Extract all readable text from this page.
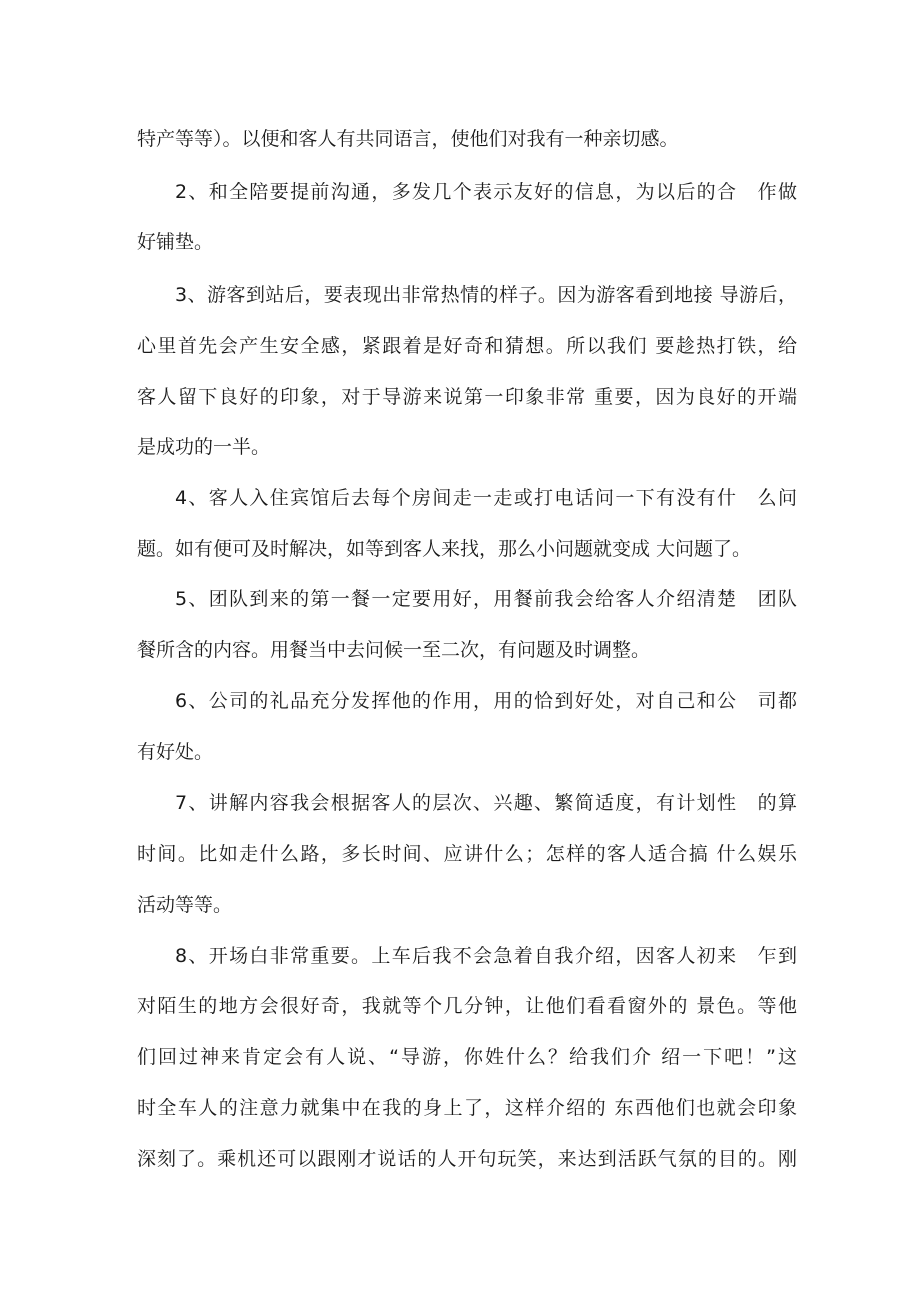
特产等等）。以便和客人有共同语言，使他们对我有一种亲切感。
2、和全陪要提前沟通，多发几个表示友好的信息，为以后的合　作做
好铺垫。
3、游客到站后，要表现出非常热情的样子。因为游客看到地接 导游后，
心里首先会产生安全感，紧跟着是好奇和猜想。所以我们 要趁热打铁，给
客人留下良好的印象，对于导游来说第一印象非常 重要，因为良好的开端
是成功的一半。
4、客人入住宾馆后去每个房间走一走或打电话问一下有没有什　么问
题。如有便可及时解决，如等到客人来找，那么小问题就变成 大问题了。
5、团队到来的第一餐一定要用好，用餐前我会给客人介绍清楚　团队
餐所含的内容。用餐当中去问候一至二次，有问题及时调整。
6、公司的礼品充分发挥他的作用，用的恰到好处，对自己和公　司都
有好处。
7、讲解内容我会根据客人的层次、兴趣、繁简适度，有计划性　的算
时间。比如走什么路，多长时间、应讲什么；怎样的客人适合搞 什么娱乐
活动等等。
8、开场白非常重要。上车后我不会急着自我介绍，因客人初来　乍到
对陌生的地方会很好奇，我就等个几分钟，让他们看看窗外的 景色。等他
们回过神来肯定会有人说、“导游，你姓什么？给我们介 绍一下吧！”这
时全车人的注意力就集中在我的身上了，这样介绍的 东西他们也就会印象
深刻了。乘机还可以跟刚才说话的人开句玩笑，来达到活跃气氛的目的。刚
